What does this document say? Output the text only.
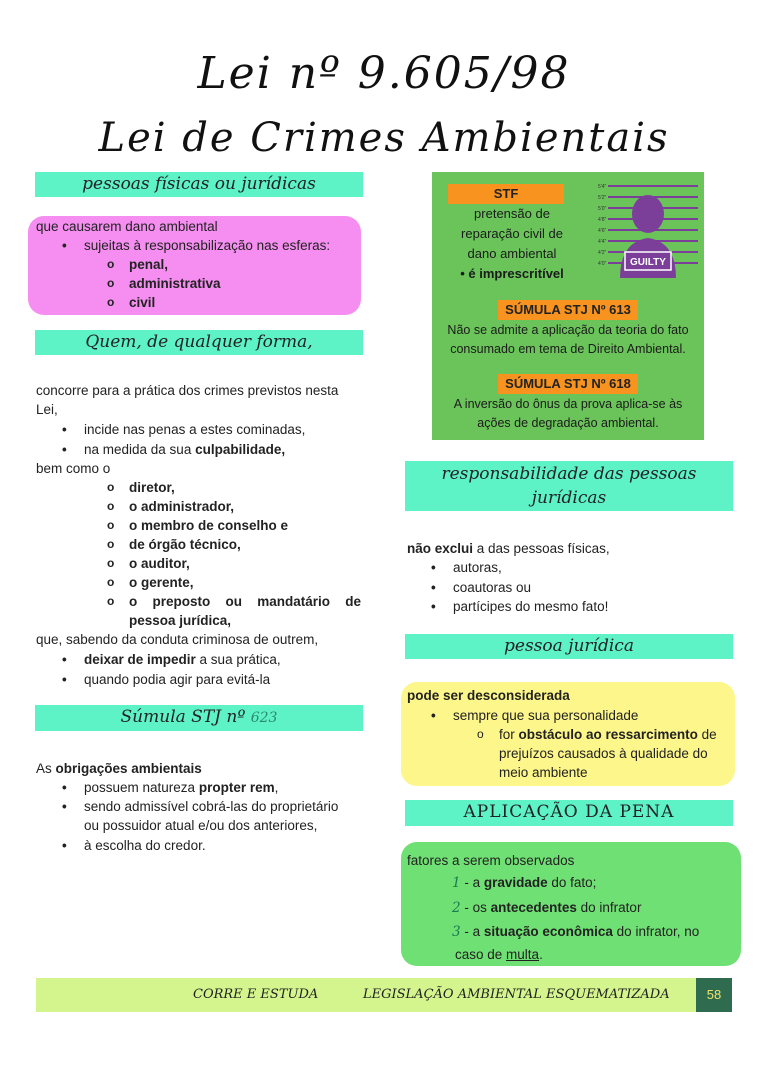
Lei nº 9.605/98
Lei de Crimes Ambientais
pessoas físicas ou jurídicas
que causarem dano ambiental
• sujeitas à responsabilização nas esferas:
o penal,
o administrativa
o civil
Quem, de qualquer forma,
concorre para a prática dos crimes previstos nesta
Lei,
• incide nas penas a estes cominadas,
• na medida da sua culpabilidade,
bem como o
o diretor,
o o administrador,
o o membro de conselho e
o de órgão técnico,
o o auditor,
o o gerente,
o o preposto ou mandatário de
pessoa jurídica,
que, sabendo da conduta criminosa de outrem,
• deixar de impedir a sua prática,
• quando podia agir para evitá-la
Súmula STJ nº 623
As obrigações ambientais
• possuem natureza propter rem,
• sendo admissível cobrá-las do proprietário
ou possuidor atual e/ou dos anteriores,
• à escolha do credor.
STF
pretensão de
reparação civil de
dano ambiental
• é imprescritível
5'4"
5'2"
5'0"
4'8"
4'6"
4'4"
4'2"
4'0" GUILTY
SÚMULA STJ Nº 613
Não se admite a aplicação da teoria do fato
consumado em tema de Direito Ambiental.
SÚMULA STJ Nº 618
A inversão do ônus da prova aplica-se às
ações de degradação ambiental.
responsabilidade das pessoas
jurídicas
não exclui a das pessoas físicas,
• autoras,
• coautoras ou
• partícipes do mesmo fato!
pessoa jurídica
pode ser desconsiderada
• sempre que sua personalidade
o for obstáculo ao ressarcimento de
prejuízos causados à qualidade do
meio ambiente
APLICAÇÃO DA PENA
fatores a serem observados
1 - a gravidade do fato;
2 - os antecedentes do infrator
3 - a situação econômica do infrator, no
caso de multa.
CORRE E ESTUDA	LEGISLAÇÃO AMBIENTAL ESQUEMATIZADA	58
